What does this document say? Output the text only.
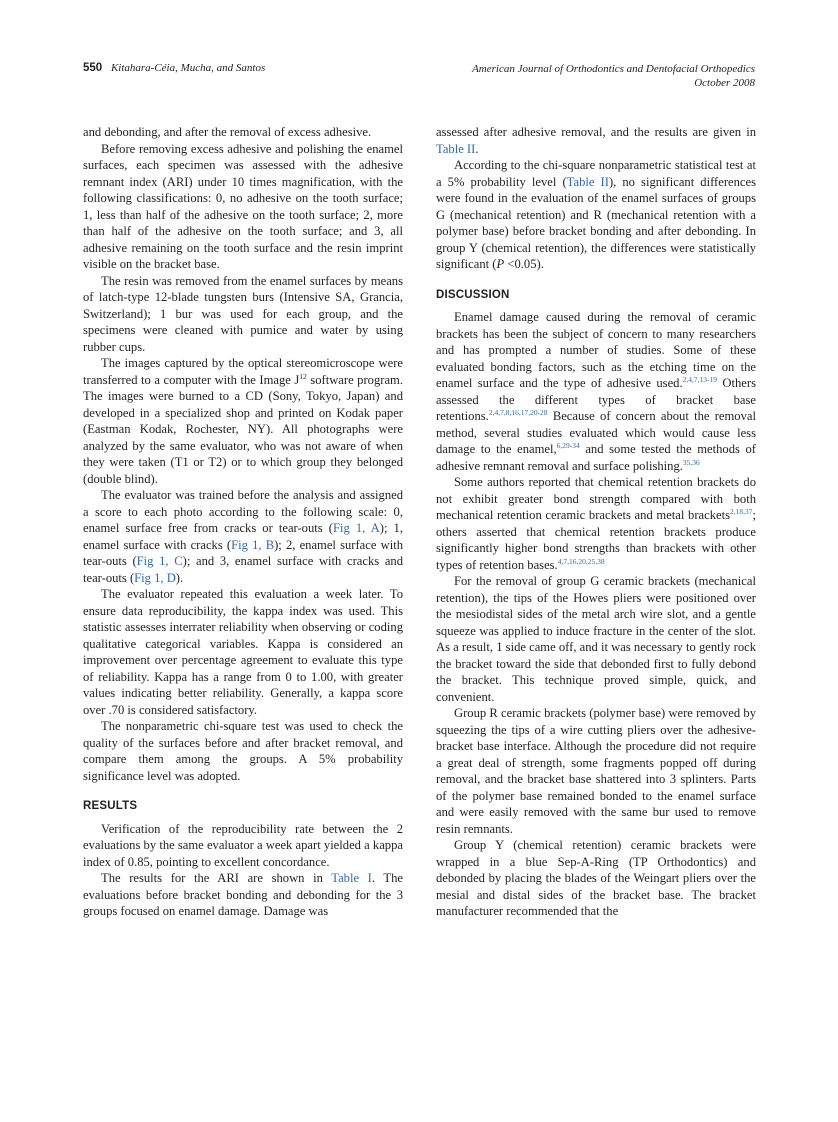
550 Kitahara-Céia, Mucha, and Santos	American Journal of Orthodontics and Dentofacial Orthopedics
October 2008

and debonding, and after the removal of excess adhesive.

Before removing excess adhesive and polishing the enamel surfaces, each specimen was assessed with the adhesive remnant index (ARI) under 10 times magnification, with the following classifications: 0, no adhesive on the tooth surface; 1, less than half of the adhesive on the tooth surface; 2, more than half of the adhesive on the tooth surface; and 3, all adhesive remaining on the tooth surface and the resin imprint visible on the bracket base.

The resin was removed from the enamel surfaces by means of latch-type 12-blade tungsten burs (Intensive SA, Grancia, Switzerland); 1 bur was used for each group, and the specimens were cleaned with pumice and water by using rubber cups.

The images captured by the optical stereomicroscope were transferred to a computer with the Image $J^{12}$ software program. The images were burned to a CD (Sony, Tokyo, Japan) and developed in a specialized shop and printed on Kodak paper (Eastman Kodak, Rochester, NY). All photographs were analyzed by the same evaluator, who was not aware of when they were taken (T1 or T2) or to which group they belonged (double blind).

The evaluator was trained before the analysis and assigned a score to each photo according to the following scale: 0, enamel surface free from cracks or tear-outs (Fig 1, A); 1, enamel surface with cracks (Fig 1, B); 2, enamel surface with tear-outs (Fig 1, C); and 3, enamel surface with cracks and tear-outs (Fig 1, D).

The evaluator repeated this evaluation a week later. To ensure data reproducibility, the kappa index was used. This statistic assesses interrater reliability when observing or coding qualitative categorical variables. Kappa is considered an improvement over percentage agreement to evaluate this type of reliability. Kappa has a range from 0 to 1.00, with greater values indicating better reliability. Generally, a kappa score over .70 is considered satisfactory.

The nonparametric chi-square test was used to check the quality of the surfaces before and after bracket removal, and compare them among the groups. A 5% probability significance level was adopted.

RESULTS

Verification of the reproducibility rate between the 2 evaluations by the same evaluator a week apart yielded a kappa index of 0.85, pointing to excellent concordance.

The results for the ARI are shown in Table I. The evaluations before bracket bonding and debonding for the 3 groups focused on enamel damage. Damage was

assessed after adhesive removal, and the results are given in Table II.

According to the chi-square nonparametric statistical test at a 5% probability level (Table II), no significant differences were found in the evaluation of the enamel surfaces of groups G (mechanical retention) and R (mechanical retention with a polymer base) before bracket bonding and after debonding. In group Y (chemical retention), the differences were statistically significant (P <0.05).

DISCUSSION

Enamel damage caused during the removal of ceramic brackets has been the subject of concern to many researchers and has prompted a number of studies. Some of these evaluated bonding factors, such as the etching time on the enamel surface and the type of adhesive used.$^{2,4,7,13-19}$ Others assessed the different types of bracket base retentions.$^{2,4,7,8,16,17,20-28}$ Because of concern about the removal method, several studies evaluated which would cause less damage to the enamel,$^{6,29-34}$ and some tested the methods of adhesive remnant removal and surface polishing.$^{35,36}$

Some authors reported that chemical retention brackets do not exhibit greater bond strength compared with both mechanical retention ceramic brackets and metal brackets$^{2,18,37}$; others asserted that chemical retention brackets produce significantly higher bond strengths than brackets with other types of retention bases.$^{4,7,16,20,25,38}$

For the removal of group G ceramic brackets (mechanical retention), the tips of the Howes pliers were positioned over the mesiodistal sides of the metal arch wire slot, and a gentle squeeze was applied to induce fracture in the center of the slot. As a result, 1 side came off, and it was necessary to gently rock the bracket toward the side that debonded first to fully debond the bracket. This technique proved simple, quick, and convenient.

Group R ceramic brackets (polymer base) were removed by squeezing the tips of a wire cutting pliers over the adhesive-bracket base interface. Although the procedure did not require a great deal of strength, some fragments popped off during removal, and the bracket base shattered into 3 splinters. Parts of the polymer base remained bonded to the enamel surface and were easily removed with the same bur used to remove resin remnants.

Group Y (chemical retention) ceramic brackets were wrapped in a blue Sep-A-Ring (TP Orthodontics) and debonded by placing the blades of the Weingart pliers over the mesial and distal sides of the bracket base. The bracket manufacturer recommended that the
